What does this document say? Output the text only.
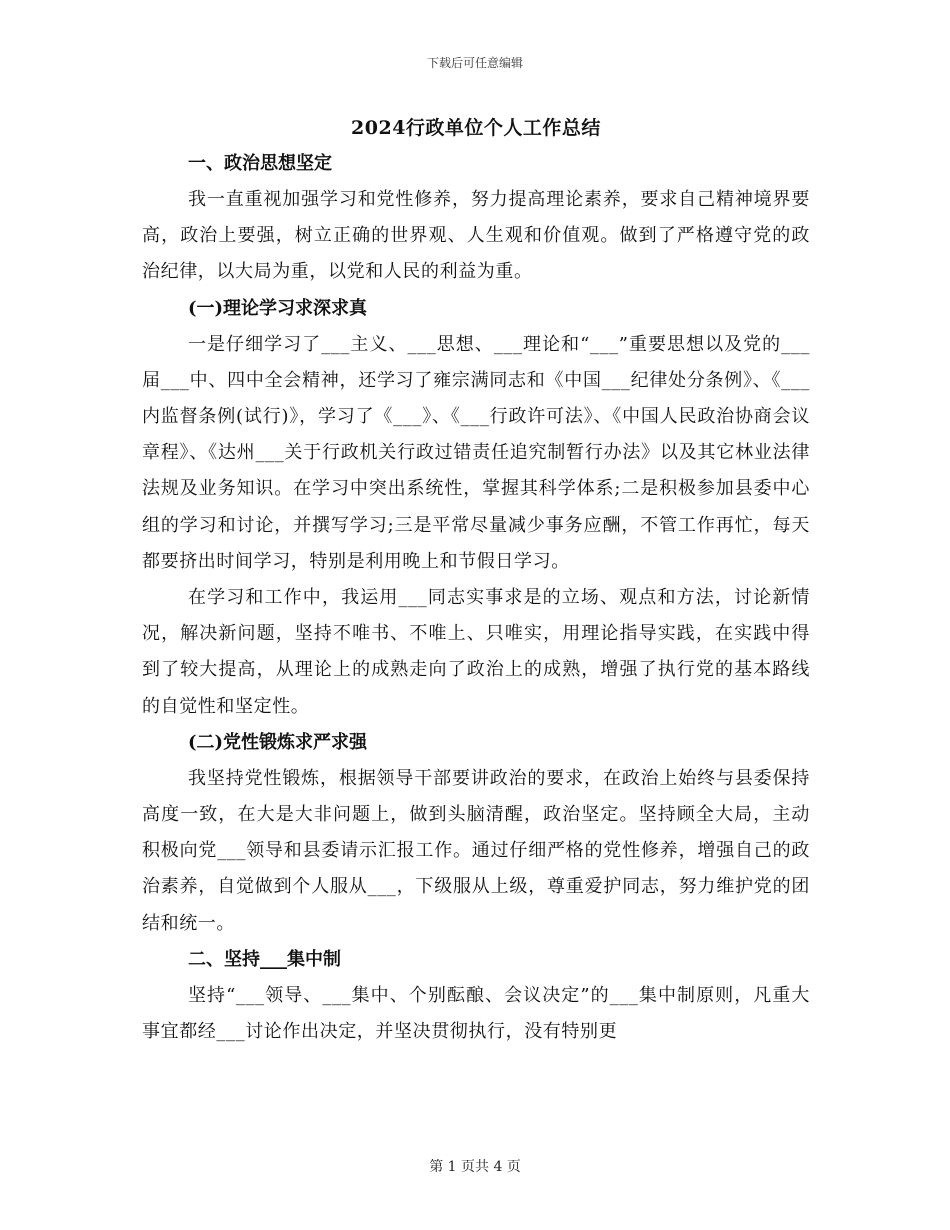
下载后可任意编辑
2024行政单位个人工作总结
一、政治思想坚定
我一直重视加强学习和党性修养，努力提高理论素养，要求自己精神境界要高，政治上要强，树立正确的世界观、人生观和价值观。做到了严格遵守党的政治纪律，以大局为重，以党和人民的利益为重。
(一)理论学习求深求真
一是仔细学习了___主义、___思想、___理论和“___”重要思想以及党的___届___中、四中全会精神，还学习了雍宗满同志和《中国___纪律处分条例》、《___内监督条例(试行)》，学习了《___》、《___行政许可法》、《中国人民政治协商会议章程》、《达州___关于行政机关行政过错责任追究制暂行办法》以及其它林业法律法规及业务知识。在学习中突出系统性，掌握其科学体系;二是积极参加县委中心组的学习和讨论，并撰写学习;三是平常尽量减少事务应酬，不管工作再忙，每天都要挤出时间学习，特别是利用晚上和节假日学习。
在学习和工作中，我运用___同志实事求是的立场、观点和方法，讨论新情况，解决新问题，坚持不唯书、不唯上、只唯实，用理论指导实践，在实践中得到了较大提高，从理论上的成熟走向了政治上的成熟，增强了执行党的基本路线的自觉性和坚定性。
(二)党性锻炼求严求强
我坚持党性锻炼，根据领导干部要讲政治的要求，在政治上始终与县委保持高度一致，在大是大非问题上，做到头脑清醒，政治坚定。坚持顾全大局，主动积极向党___领导和县委请示汇报工作。通过仔细严格的党性修养，增强自己的政治素养，自觉做到个人服从___，下级服从上级，尊重爱护同志，努力维护党的团结和统一。
二、坚持___集中制
坚持“___领导、___集中、个别酝酿、会议决定”的___集中制原则，凡重大事宜都经___讨论作出决定，并坚决贯彻执行，没有特别更
第 1 页共 4 页
